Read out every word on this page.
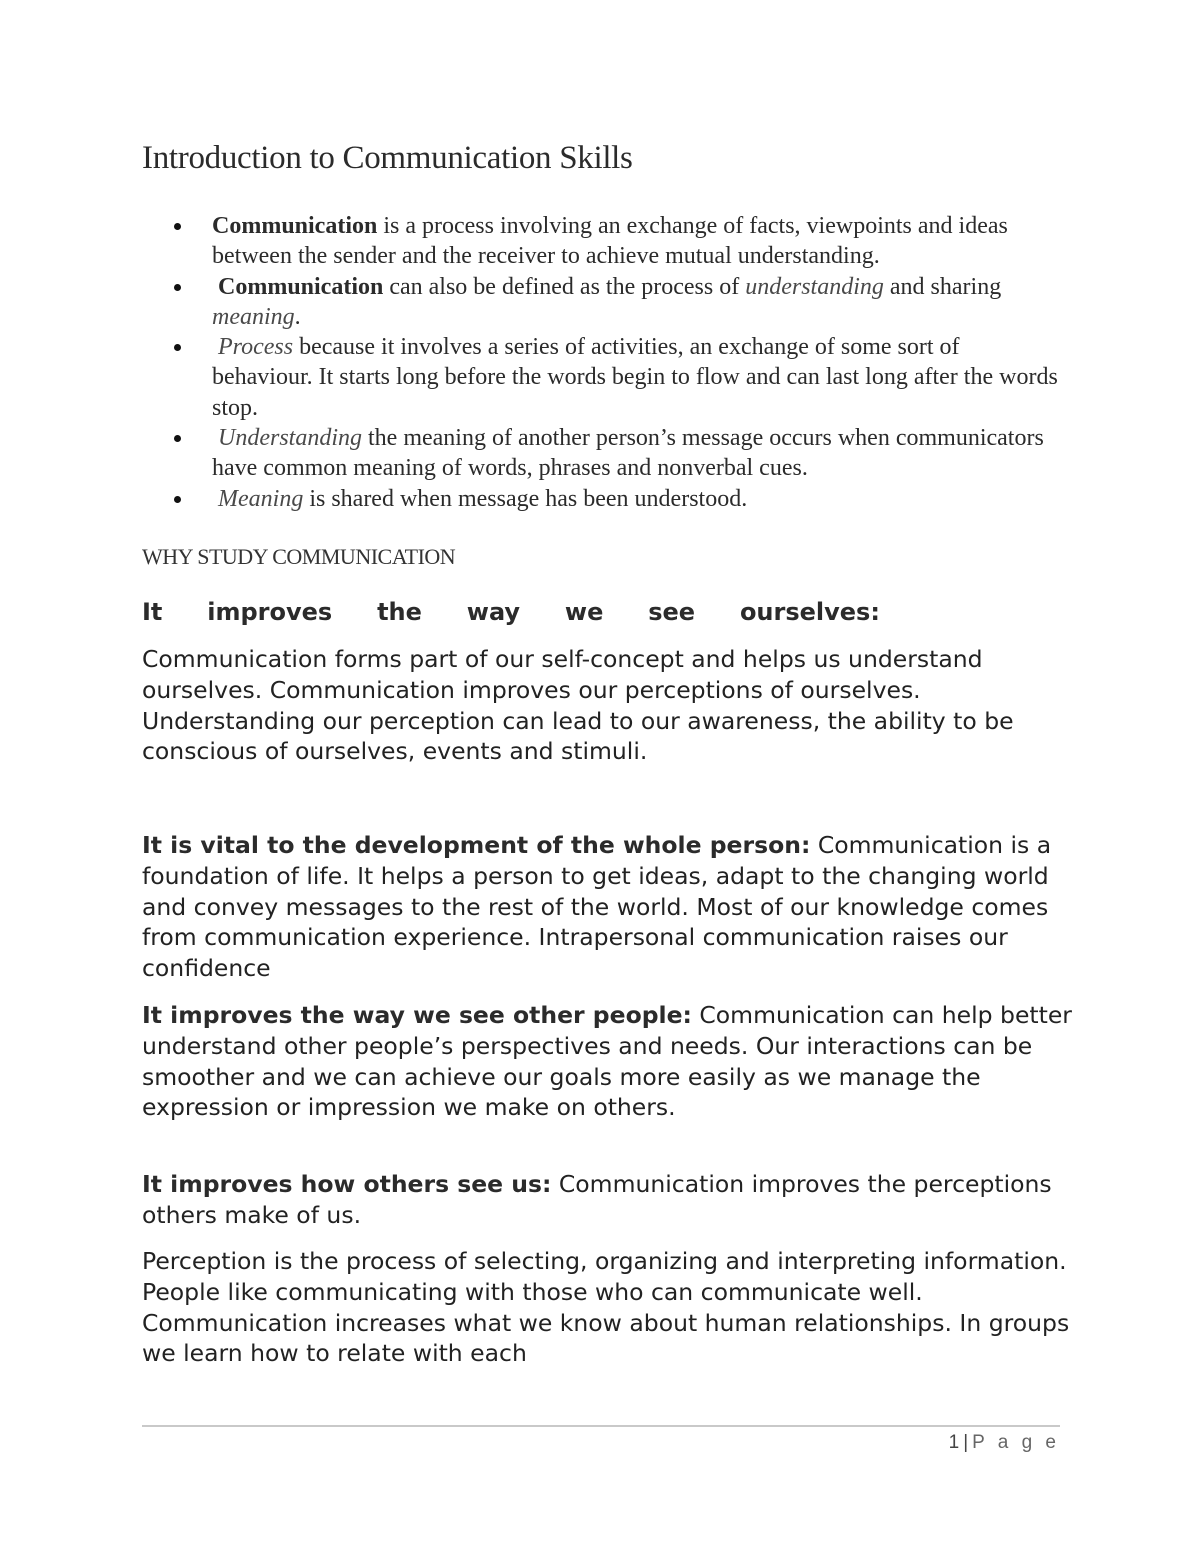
Introduction to Communication Skills
Communication is a process involving an exchange of facts, viewpoints and ideas between the sender and the receiver to achieve mutual understanding.
Communication can also be defined as the process of understanding and sharing meaning.
Process because it involves a series of activities, an exchange of some sort of behaviour. It starts long before the words begin to flow and can last long after the words stop.
Understanding the meaning of another person’s message occurs when communicators have common meaning of words, phrases and nonverbal cues.
Meaning is shared when message has been understood.
WHY STUDY COMMUNICATION
It improves the way we see ourselves:

Communication forms part of our self-concept and helps us understand ourselves. Communication improves our perceptions of ourselves. Understanding our perception can lead to our awareness, the ability to be conscious of ourselves, events and stimuli.

It is vital to the development of the whole person: Communication is a foundation of life. It helps a person to get ideas, adapt to the changing world and convey messages to the rest of the world. Most of our knowledge comes from communication experience. Intrapersonal communication raises our confidence

It improves the way we see other people: Communication can help better understand other people’s perspectives and needs. Our interactions can be smoother and we can achieve our goals more easily as we manage the expression or impression we make on others.

It improves how others see us: Communication improves the perceptions others make of us.

Perception is the process of selecting, organizing and interpreting information. People like communicating with those who can communicate well. Communication increases what we know about human relationships. In groups we learn how to relate with each

1 | P a g e
